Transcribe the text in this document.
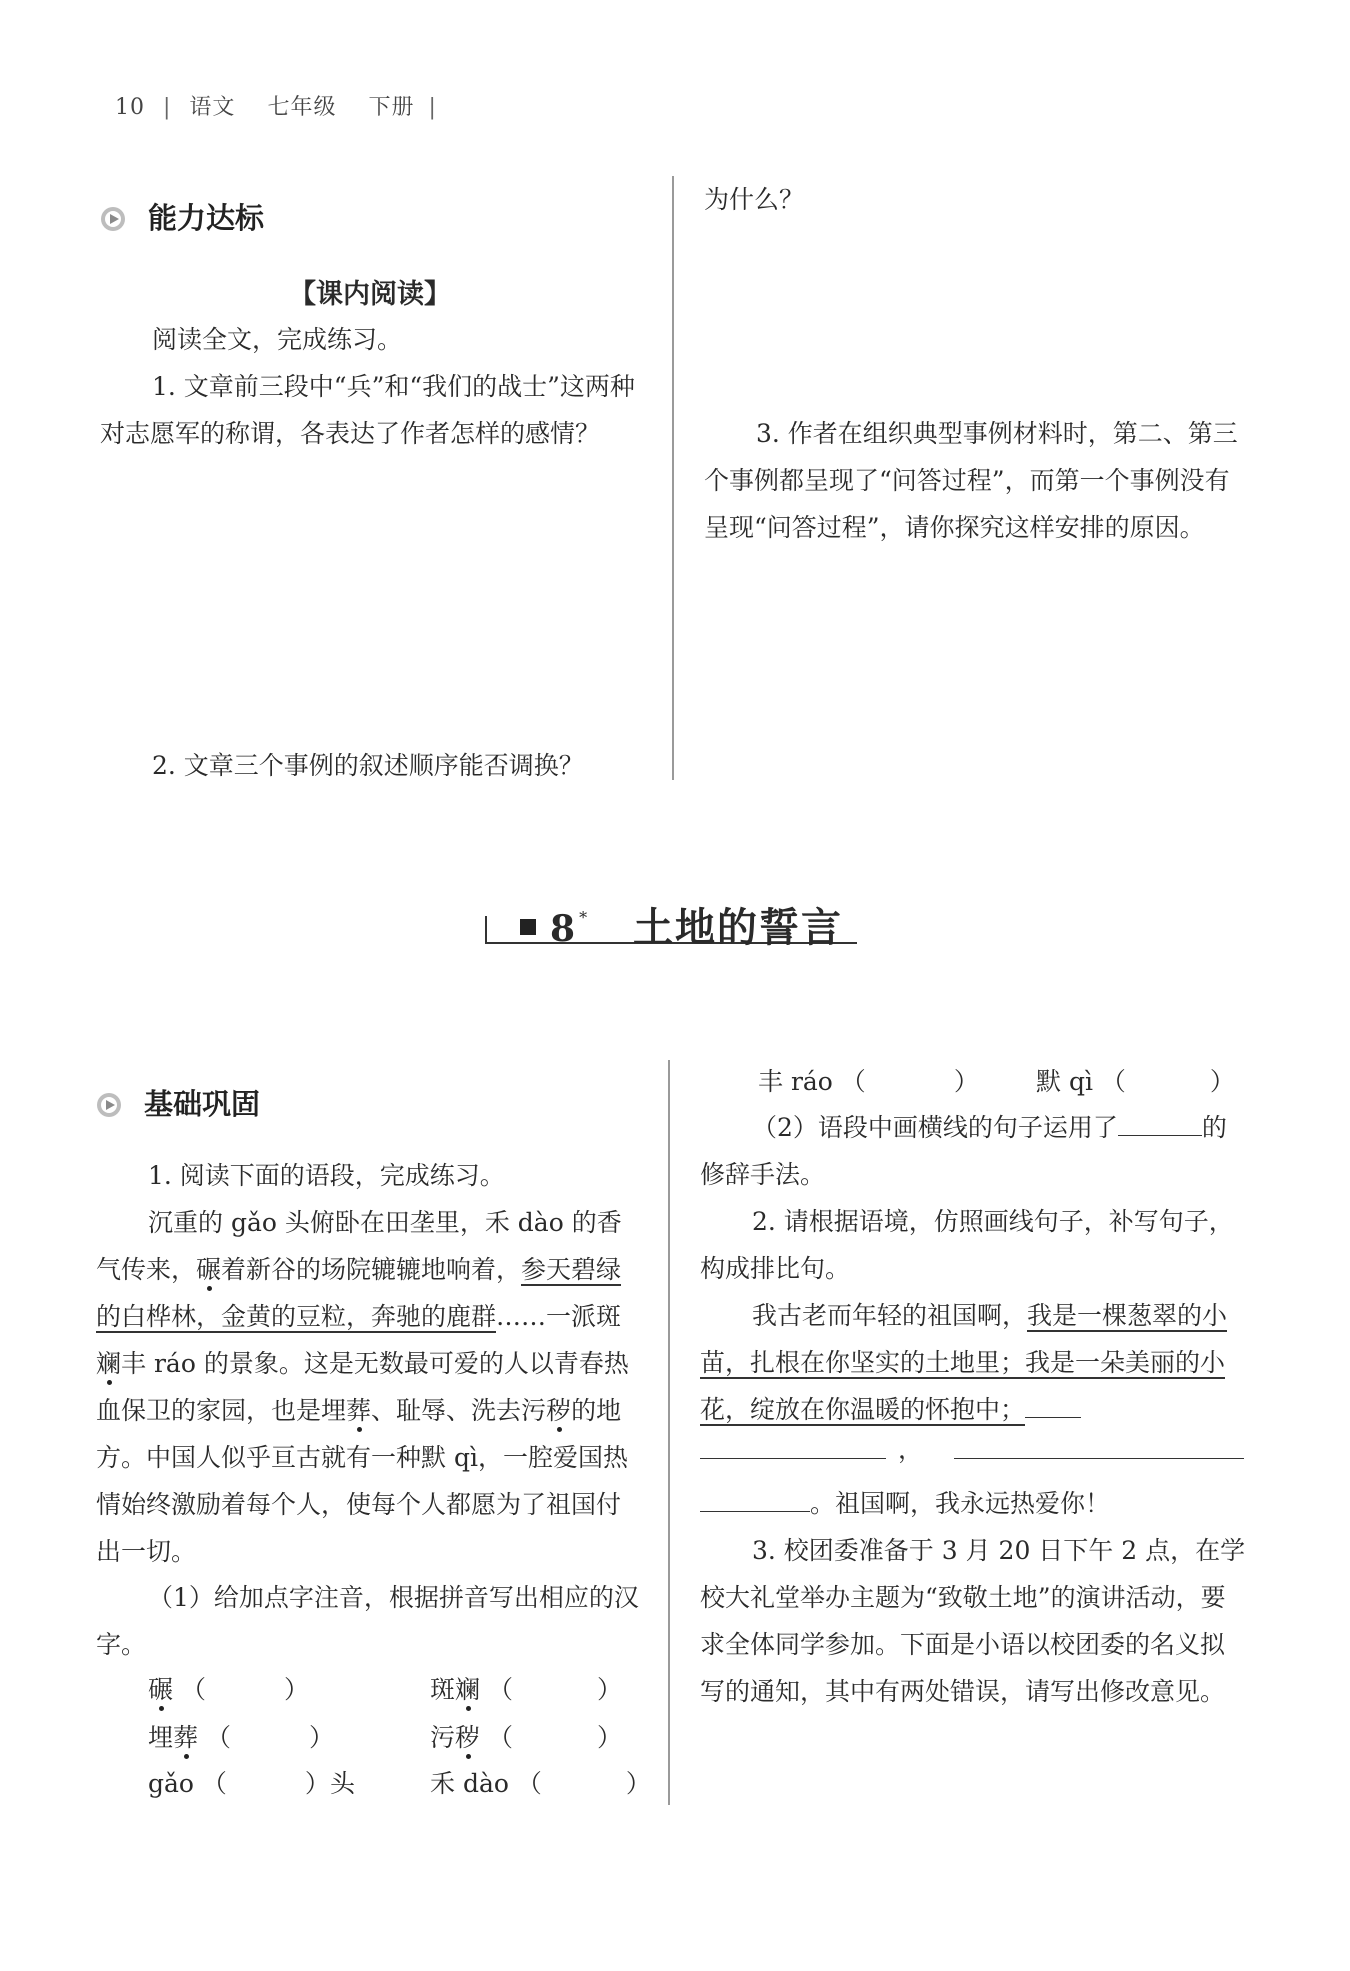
10 | 语文 七年级 下册 |
能力达标
【课内阅读】
阅读全文，完成练习。
1. 文章前三段中“兵”和“我们的战士”这两种对志愿军的称谓，各表达了作者怎样的感情？
2. 文章三个事例的叙述顺序能否调换？
为什么？
3. 作者在组织典型事例材料时，第二、第三个事例都呈现了“问答过程”，而第一个事例没有呈现“问答过程”，请你探究这样安排的原因。
8 * 土地的誓言
基础巩固
1. 阅读下面的语段，完成练习。
沉重的 gǎo 头俯卧在田垄里，禾 dào 的香气传来，碾着新谷的场院辘辘地响着，参天碧绿的白桦林，金黄的豆粒，奔驰的鹿群……一派斑斓丰 ráo 的景象。这是无数最可爱的人以青春热血保卫的家园，也是埋葬、耻辱、洗去污秽的地方。中国人似乎亘古就有一种默 qì，一腔爱国热情始终激励着每个人，使每个人都愿为了祖国付出一切。
（1）给加点字注音，根据拼音写出相应的汉字。
碾 （	）	斑斓 （	）
埋葬 （	）	污秽 （	）
gǎo （	）头	禾 dào （	）
丰 ráo （	） 默 qì （	）
（2）语段中画横线的句子运用了	的修辞手法。
2. 请根据语境，仿照画线句子，补写句子，构成排比句。
我古老而年轻的祖国啊，我是一棵葱翠的小苗，扎根在你坚实的土地里；我是一朵美丽的小花，绽放在你温暖的怀抱中；
，
。祖国啊，我永远热爱你！
3. 校团委准备于 3 月 20 日下午 2 点，在学校大礼堂举办主题为“致敬土地”的演讲活动，要求全体同学参加。下面是小语以校团委的名义拟写的通知，其中有两处错误，请写出修改意见。
